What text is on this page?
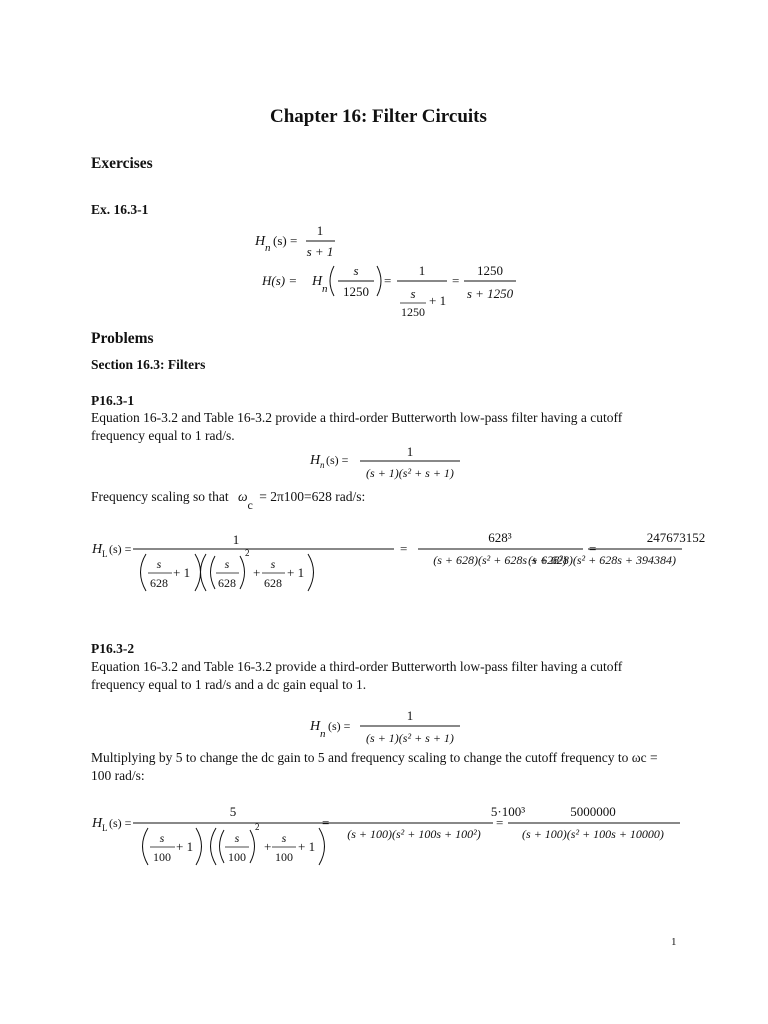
Chapter 16: Filter Circuits
Exercises
Ex. 16.3-1
H n (s) =
1
s + 1
H(s) = H n
s
1250
=
1
s
1250
+ 1
=
1250
s + 1250
Problems
Section 16.3: Filters
P16.3-1
Equation 16-3.2 and Table 16-3.2 provide a third-order Butterworth low-pass filter having a cutoff frequency equal to 1 rad/s.
H n (s) =
1
(s + 1)(s² + s + 1)
Frequency scaling so that ωc = 2π100=628 rad/s:
H L (s) =
1
s
628
+ 1
s
628
2
+
s
628
+ 1
=
628³
(s + 628)(s² + 628s + 628²)
=
247673152
(s + 628)(s² + 628s + 394384)
P16.3-2
Equation 16-3.2 and Table 16-3.2 provide a third-order Butterworth low-pass filter having a cutoff frequency equal to 1 rad/s and a dc gain equal to 1.
H n
(s) =
1
(s + 1)(s² + s + 1)
Multiplying by 5 to change the dc gain to 5 and frequency scaling to change the cutoff frequency to ωc = 100 rad/s:
H L (s) =
5
s
100
+ 1
s
100
2
+
s
100
+ 1
=
5·100³
(s + 100)(s² + 100s + 100²)
=
5000000
(s + 100)(s² + 100s + 10000)
1
